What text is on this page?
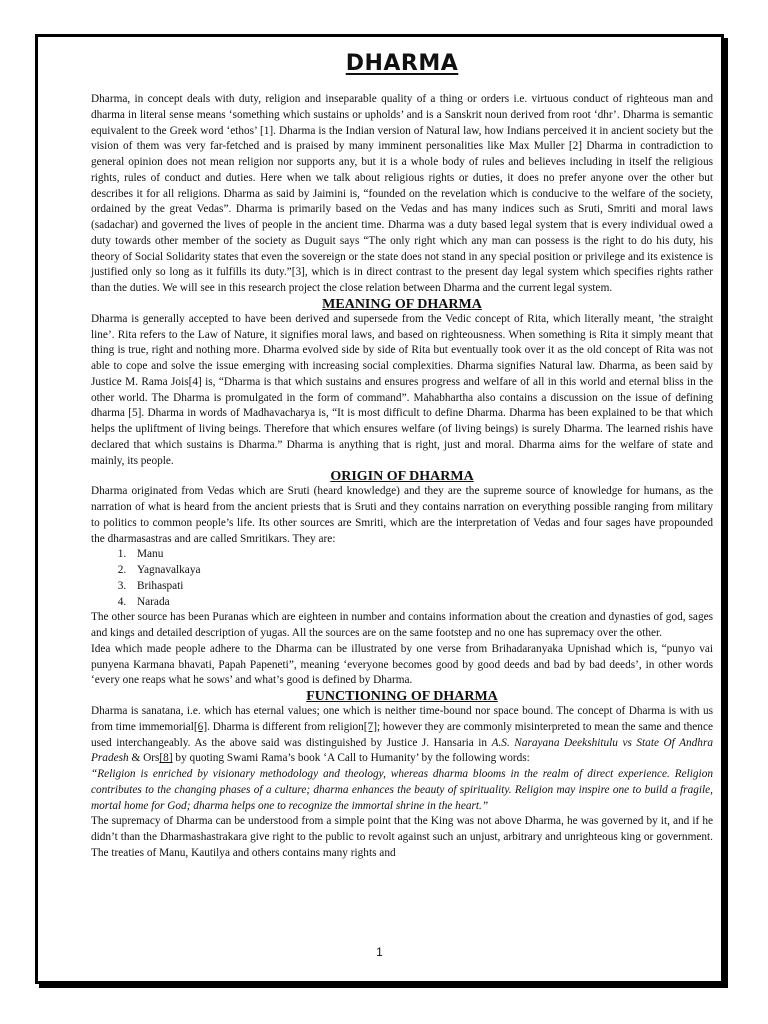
DHARMA

Dharma, in concept deals with duty, religion and inseparable quality of a thing or orders i.e. virtuous conduct of righteous man and dharma in literal sense means ‘something which sustains or upholds’ and is a Sanskrit noun derived from root ‘dhr’. Dharma is semantic equivalent to the Greek word ‘ethos’ [1]. Dharma is the Indian version of Natural law, how Indians perceived it in ancient society but the vision of them was very far-fetched and is praised by many imminent personalities like Max Muller [2] Dharma in contradiction to general opinion does not mean religion nor supports any, but it is a whole body of rules and believes including in itself the religious rights, rules of conduct and duties. Here when we talk about religious rights or duties, it does no prefer anyone over the other but describes it for all religions. Dharma as said by Jaimini is, “founded on the revelation which is conducive to the welfare of the society, ordained by the great Vedas”. Dharma is primarily based on the Vedas and has many indices such as Sruti, Smriti and moral laws (sadachar) and governed the lives of people in the ancient time. Dharma was a duty based legal system that is every individual owed a duty towards other member of the society as Duguit says “The only right which any man can possess is the right to do his duty, his theory of Social Solidarity states that even the sovereign or the state does not stand in any special position or privilege and its existence is justified only so long as it fulfills its duty.”[3], which is in direct contrast to the present day legal system which specifies rights rather than the duties. We will see in this research project the close relation between Dharma and the current legal system.

MEANING OF DHARMA

Dharma is generally accepted to have been derived and supersede from the Vedic concept of Rita, which literally meant, ’the straight line’. Rita refers to the Law of Nature, it signifies moral laws, and based on righteousness. When something is Rita it simply meant that thing is true, right and nothing more. Dharma evolved side by side of Rita but eventually took over it as the old concept of Rita was not able to cope and solve the issue emerging with increasing social complexities. Dharma signifies Natural law. Dharma, as been said by Justice M. Rama Jois[4] is, “Dharma is that which sustains and ensures progress and welfare of all in this world and eternal bliss in the other world. The Dharma is promulgated in the form of command”. Mahabhartha also contains a discussion on the issue of defining dharma [5]. Dharma in words of Madhavacharya is, “It is most difficult to define Dharma. Dharma has been explained to be that which helps the upliftment of living beings. Therefore that which ensures welfare (of living beings) is surely Dharma. The learned rishis have declared that which sustains is Dharma.” Dharma is anything that is right, just and moral. Dharma aims for the welfare of state and mainly, its people.

ORIGIN OF DHARMA

Dharma originated from Vedas which are Sruti (heard knowledge) and they are the supreme source of knowledge for humans, as the narration of what is heard from the ancient priests that is Sruti and they contains narration on everything possible ranging from military to politics to common people’s life. Its other sources are Smriti, which are the interpretation of Vedas and four sages have propounded the dharmasastras and are called Smritikars. They are:

1. Manu
2. Yagnavalkaya
3. Brihaspati
4. Narada

The other source has been Puranas which are eighteen in number and contains information about the creation and dynasties of god, sages and kings and detailed description of yugas. All the sources are on the same footstep and no one has supremacy over the other.

Idea which made people adhere to the Dharma can be illustrated by one verse from Brihadaranyaka Upnishad which is, “punyo vai punyena Karmana bhavati, Papah Papeneti”, meaning ‘everyone becomes good by good deeds and bad by bad deeds’, in other words ‘every one reaps what he sows’ and what’s good is defined by Dharma.

FUNCTIONING OF DHARMA

Dharma is sanatana, i.e. which has eternal values; one which is neither time-bound nor space bound. The concept of Dharma is with us from time immemorial[6]. Dharma is different from religion[7]; however they are commonly misinterpreted to mean the same and thence used interchangeably. As the above said was distinguished by Justice J. Hansaria in A.S. Narayana Deekshitulu vs State Of Andhra Pradesh & Ors[8] by quoting Swami Rama’s book ‘A Call to Humanity’ by the following words:

“Religion is enriched by visionary methodology and theology, whereas dharma blooms in the realm of direct experience. Religion contributes to the changing phases of a culture; dharma enhances the beauty of spirituality. Religion may inspire one to build a fragile, mortal home for God; dharma helps one to recognize the immortal shrine in the heart.”

The supremacy of Dharma can be understood from a simple point that the King was not above Dharma, he was governed by it, and if he didn’t than the Dharmashastrakara give right to the public to revolt against such an unjust, arbitrary and unrighteous king or government. The treaties of Manu, Kautilya and others contains many rights and

1
